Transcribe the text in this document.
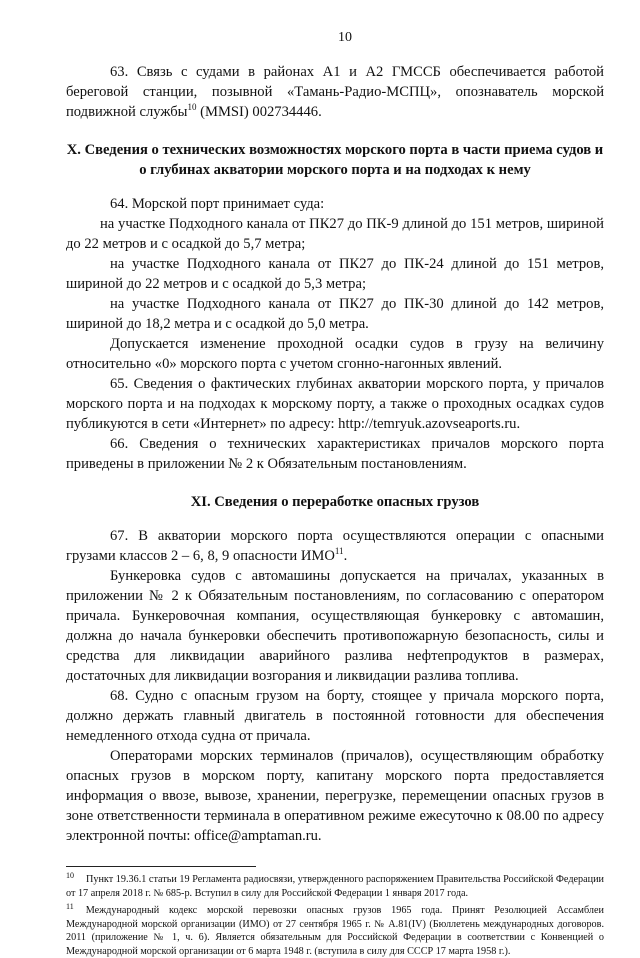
10

63. Связь с судами в районах А1 и А2 ГМССБ обеспечивается работой береговой станции, позывной «Тамань-Радио-МСПЦ», опознаватель морской подвижной службы$^{10}$ (MMSI) 002734446.

X. Сведения о технических возможностях морского порта в части приема судов и о глубинах акватории морского порта и на подходах к нему

64. Морской порт принимает суда:

на участке Подходного канала от ПК27 до ПК-9 длиной до 151 метров, шириной до 22 метров и с осадкой до 5,7 метра;

на участке Подходного канала от ПК27 до ПК-24 длиной до 151 метров, шириной до 22 метров и с осадкой до 5,3 метра;

на участке Подходного канала от ПК27 до ПК-30 длиной до 142 метров, шириной до 18,2 метра и с осадкой до 5,0 метра.

Допускается изменение проходной осадки судов в грузу на величину относительно «0» морского порта с учетом сгонно-нагонных явлений.

65. Сведения о фактических глубинах акватории морского порта, у причалов морского порта и на подходах к морскому порту, а также о проходных осадках судов публикуются в сети «Интернет» по адресу: http://temryuk.azovseaports.ru.

66. Сведения о технических характеристиках причалов морского порта приведены в приложении № 2 к Обязательным постановлениям.

XI. Сведения о переработке опасных грузов

67. В акватории морского порта осуществляются операции с опасными грузами классов 2 – 6, 8, 9 опасности ИМО$^{11}$.

Бункеровка судов с автомашины допускается на причалах, указанных в приложении № 2 к Обязательным постановлениям, по согласованию с оператором причала. Бункеровочная компания, осуществляющая бункеровку с автомашин, должна до начала бункеровки обеспечить противопожарную безопасность, силы и средства для ликвидации аварийного разлива нефтепродуктов в размерах, достаточных для ликвидации возгорания и ликвидации разлива топлива.

68. Судно с опасным грузом на борту, стоящее у причала морского порта, должно держать главный двигатель в постоянной готовности для обеспечения немедленного отхода судна от причала.

Операторами морских терминалов (причалов), осуществляющим обработку опасных грузов в морском порту, капитану морского порта предоставляется информация о ввозе, вывозе, хранении, перегрузке, перемещении опасных грузов в зоне ответственности терминала в оперативном режиме ежесуточно к 08.00 по адресу электронной почты: office@amptaman.ru.

$^{10}$ Пункт 19.36.1 статьи 19 Регламента радиосвязи, утвержденного распоряжением Правительства Российской Федерации от 17 апреля 2018 г. № 685-р. Вступил в силу для Российской Федерации 1 января 2017 года.

$^{11}$ Международный кодекс морской перевозки опасных грузов 1965 года. Принят Резолюцией Ассамблеи Международной морской организации (ИМО) от 27 сентября 1965 г. № A.81(IV) (Бюллетень международных договоров. 2011 (приложение № 1, ч. 6). Является обязательным для Российской Федерации в соответствии с Конвенцией о Международной морской организации от 6 марта 1948 г. (вступила в силу для СССР 17 марта 1958 г.).
